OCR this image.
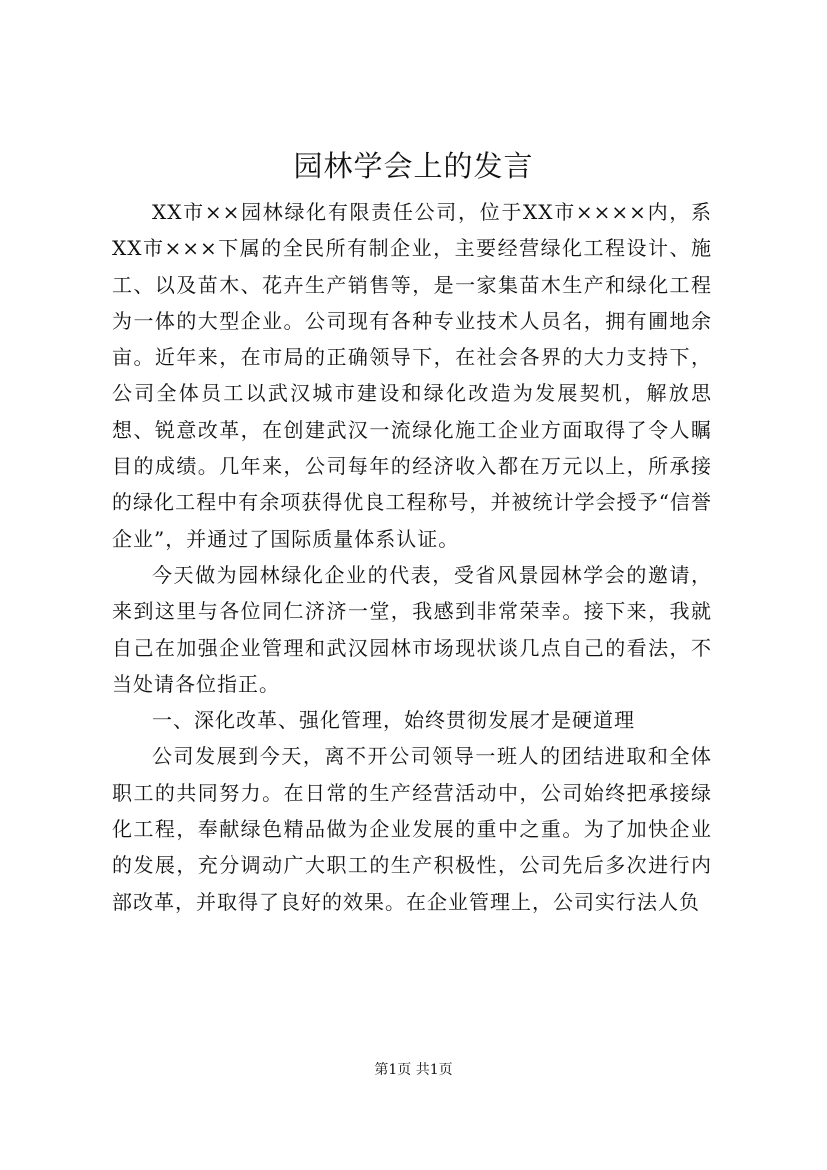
园林学会上的发言

XX市××园林绿化有限责任公司，位于XX市××××内，系XX市×××下属的全民所有制企业，主要经营绿化工程设计、施工、以及苗木、花卉生产销售等，是一家集苗木生产和绿化工程为一体的大型企业。公司现有各种专业技术人员名，拥有圃地余亩。近年来，在市局的正确领导下，在社会各界的大力支持下，公司全体员工以武汉城市建设和绿化改造为发展契机，解放思想、锐意改革，在创建武汉一流绿化施工企业方面取得了令人瞩目的成绩。几年来，公司每年的经济收入都在万元以上，所承接的绿化工程中有余项获得优良工程称号，并被统计学会授予“信誉企业”，并通过了国际质量体系认证。

今天做为园林绿化企业的代表，受省风景园林学会的邀请，来到这里与各位同仁济济一堂，我感到非常荣幸。接下来，我就自己在加强企业管理和武汉园林市场现状谈几点自己的看法，不当处请各位指正。

一、深化改革、强化管理，始终贯彻发展才是硬道理

公司发展到今天，离不开公司领导一班人的团结进取和全体职工的共同努力。在日常的生产经营活动中，公司始终把承接绿化工程，奉献绿色精品做为企业发展的重中之重。为了加快企业的发展，充分调动广大职工的生产积极性，公司先后多次进行内部改革，并取得了良好的效果。在企业管理上，公司实行法人负

第1页 共1页
